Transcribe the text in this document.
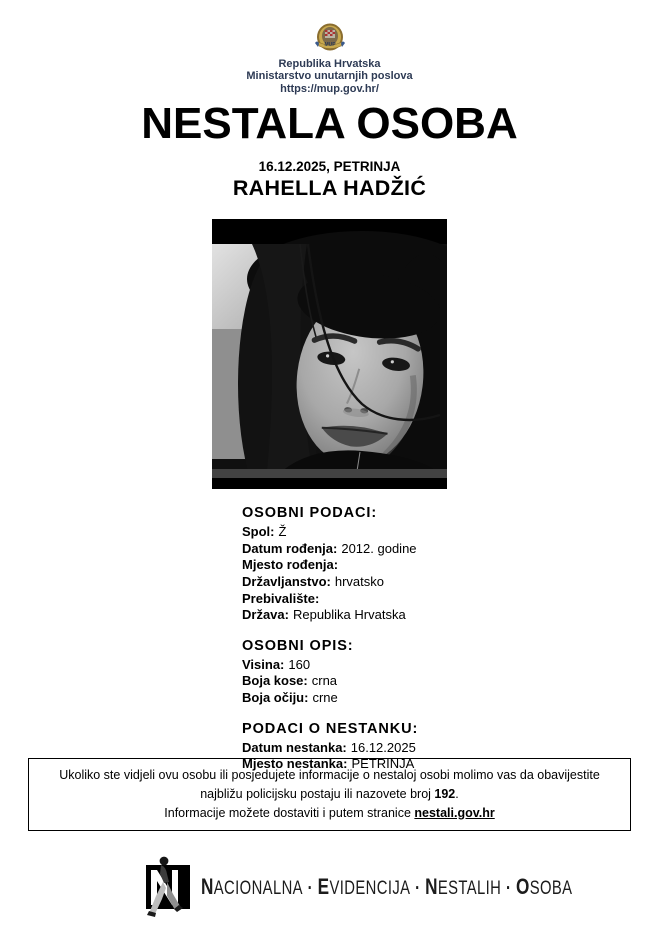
MUP
Republika Hrvatska
Ministarstvo unutarnjih poslova
https://mup.gov.hr/
NESTALA OSOBA
16.12.2025, PETRINJA
RAHELLA HADŽIĆ
OSOBNI PODACI:
Spol: Ž
Datum rođenja: 2012. godine
Mjesto rođenja:
Državljanstvo: hrvatsko
Prebivalište:
Država: Republika Hrvatska
OSOBNI OPIS:
Visina: 160
Boja kose: crna
Boja očiju: crne
PODACI O NESTANKU:
Datum nestanka: 16.12.2025
Mjesto nestanka: PETRINJA
Ukoliko ste vidjeli ovu osobu ili posjedujete informacije o nestaloj osobi molimo vas da obavijestite najbližu policijsku postaju ili nazovete broj 192.
Informacije možete dostaviti i putem stranice nestali.gov.hr
NACIONALNA · EVIDENCIJA · NESTALIH · OSOBA
